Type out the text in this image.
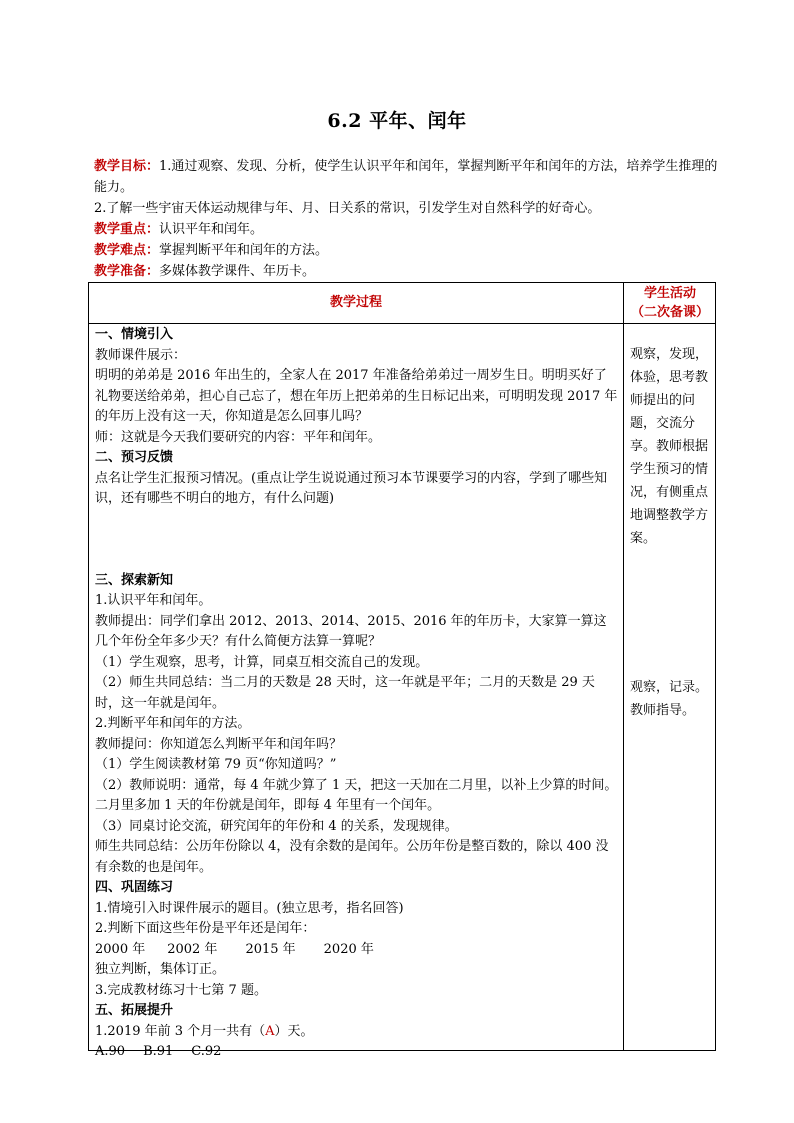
6.2 平年、闰年

教学目标：1.通过观察、发现、分析，使学生认识平年和闰年，掌握判断平年和闰年的方法，培养学生推理的能力。

2.了解一些宇宙天体运动规律与年、月、日关系的常识，引发学生对自然科学的好奇心。

教学重点：认识平年和闰年。

教学难点：掌握判断平年和闰年的方法。

教学准备：多媒体教学课件、年历卡。

教学过程
学生活动
（二次备课）

一、情境引入

教师课件展示：

明明的弟弟是 2016 年出生的，全家人在 2017 年准备给弟弟过一周岁生日。明明买好了礼物要送给弟弟，担心自己忘了，想在年历上把弟弟的生日标记出来，可明明发现 2017 年的年历上没有这一天，你知道是怎么回事儿吗？

师：这就是今天我们要研究的内容：平年和闰年。

二、预习反馈

点名让学生汇报预习情况。(重点让学生说说通过预习本节课要学习的内容，学到了哪些知识，还有哪些不明白的地方，有什么问题)

三、探索新知

1.认识平年和闰年。

教师提出：同学们拿出 2012、2013、2014、2015、2016 年的年历卡，大家算一算这几个年份全年多少天？有什么简便方法算一算呢？

（1）学生观察，思考，计算，同桌互相交流自己的发现。

（2）师生共同总结：当二月的天数是 28 天时，这一年就是平年；二月的天数是 29 天时，这一年就是闰年。

2.判断平年和闰年的方法。

教师提问：你知道怎么判断平年和闰年吗？

（1）学生阅读教材第 79 页“你知道吗？”

（2）教师说明：通常，每 4 年就少算了 1 天，把这一天加在二月里，以补上少算的时间。二月里多加 1 天的年份就是闰年，即每 4 年里有一个闰年。

（3）同桌讨论交流，研究闰年的年份和 4 的关系，发现规律。

师生共同总结：公历年份除以 4，没有余数的是闰年。公历年份是整百数的，除以 400 没有余数的也是闰年。

四、巩固练习

1.情境引入时课件展示的题目。(独立思考，指名回答)

2.判断下面这些年份是平年还是闰年：

2000 年 2002 年 2015 年 2020 年

独立判断，集体订正。

3.完成教材练习十七第 7 题。

五、拓展提升

1.2019 年前 3 个月一共有（A）天。

A.90 B.91 C.92

观察，发现，体验，思考教师提出的问题，交流分享。教师根据学生预习的情况，有侧重点地调整教学方案。
观察，记录。教师指导。
